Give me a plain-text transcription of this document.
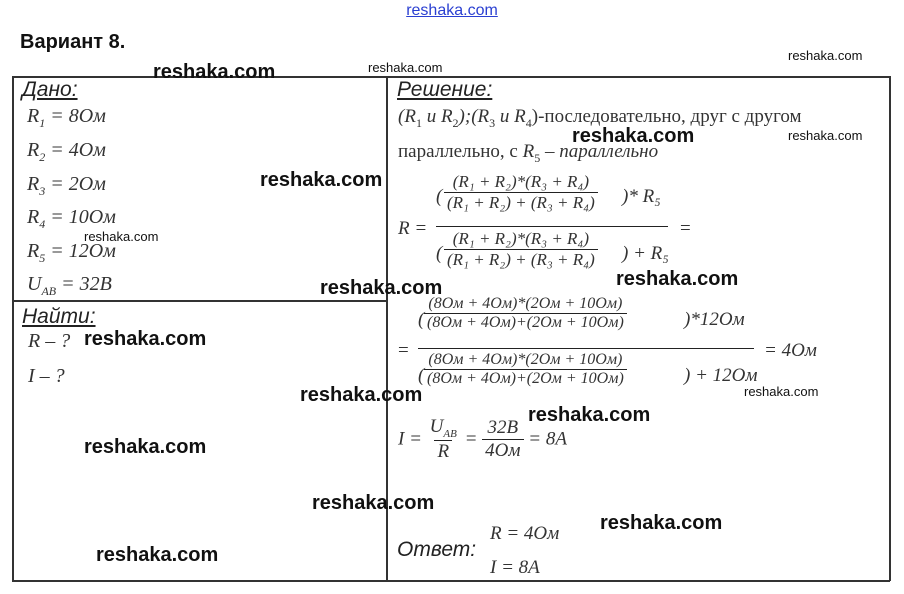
reshaka.com
Вариант 8.
Дано:
$R_1 = 8Ом$
$R_2 = 4Ом$
$R_3 = 2Ом$
$R_4 = 10Ом$
$R_5 = 12Ом$
$U_{AB} = 32B$
Найти:
R – ?
I – ?
Решение:
($R_1$ и $R_2);(R_3$ и $R_4$)-последовательно, друг с другом
параллельно, с $R_5$ – параллельно
R =
( $\frac{\text{(R₁ + R₂)*(R₃ + R₄)}}{\text{(R₁ + R₂) + (R₃ + R₄)}}$ )* R₅
( $\frac{\text{(R₁ + R₂)*(R₃ + R₄)}}{\text{(R₁ + R₂) + (R₃ + R₄)}}$ ) + R₅
=
=
(
(8Ом + 4Ом)*(2Ом + 10Ом)
(8Ом + 4Ом)+(2Ом + 10Ом)	)*12Ом
(
(8Ом + 4Ом)*(2Ом + 10Ом)
(8Ом + 4Ом)+(2Ом + 10Ом)	) + 12Ом
= 4Ом
$I = \frac{U_{AB}}{R} = \frac{32B}{4Ом} = 8A$
Ответ:
R = 4Ом
I = 8A
reshaka.com
reshaka.com	reshaka.com
reshaka.com	reshaka.com
reshaka.com
reshaka.com
reshaka.com
reshaka.com
reshaka.com
reshaka.com
reshaka.com
reshaka.com
reshaka.com
reshaka.com
reshaka.com
reshaka.com
